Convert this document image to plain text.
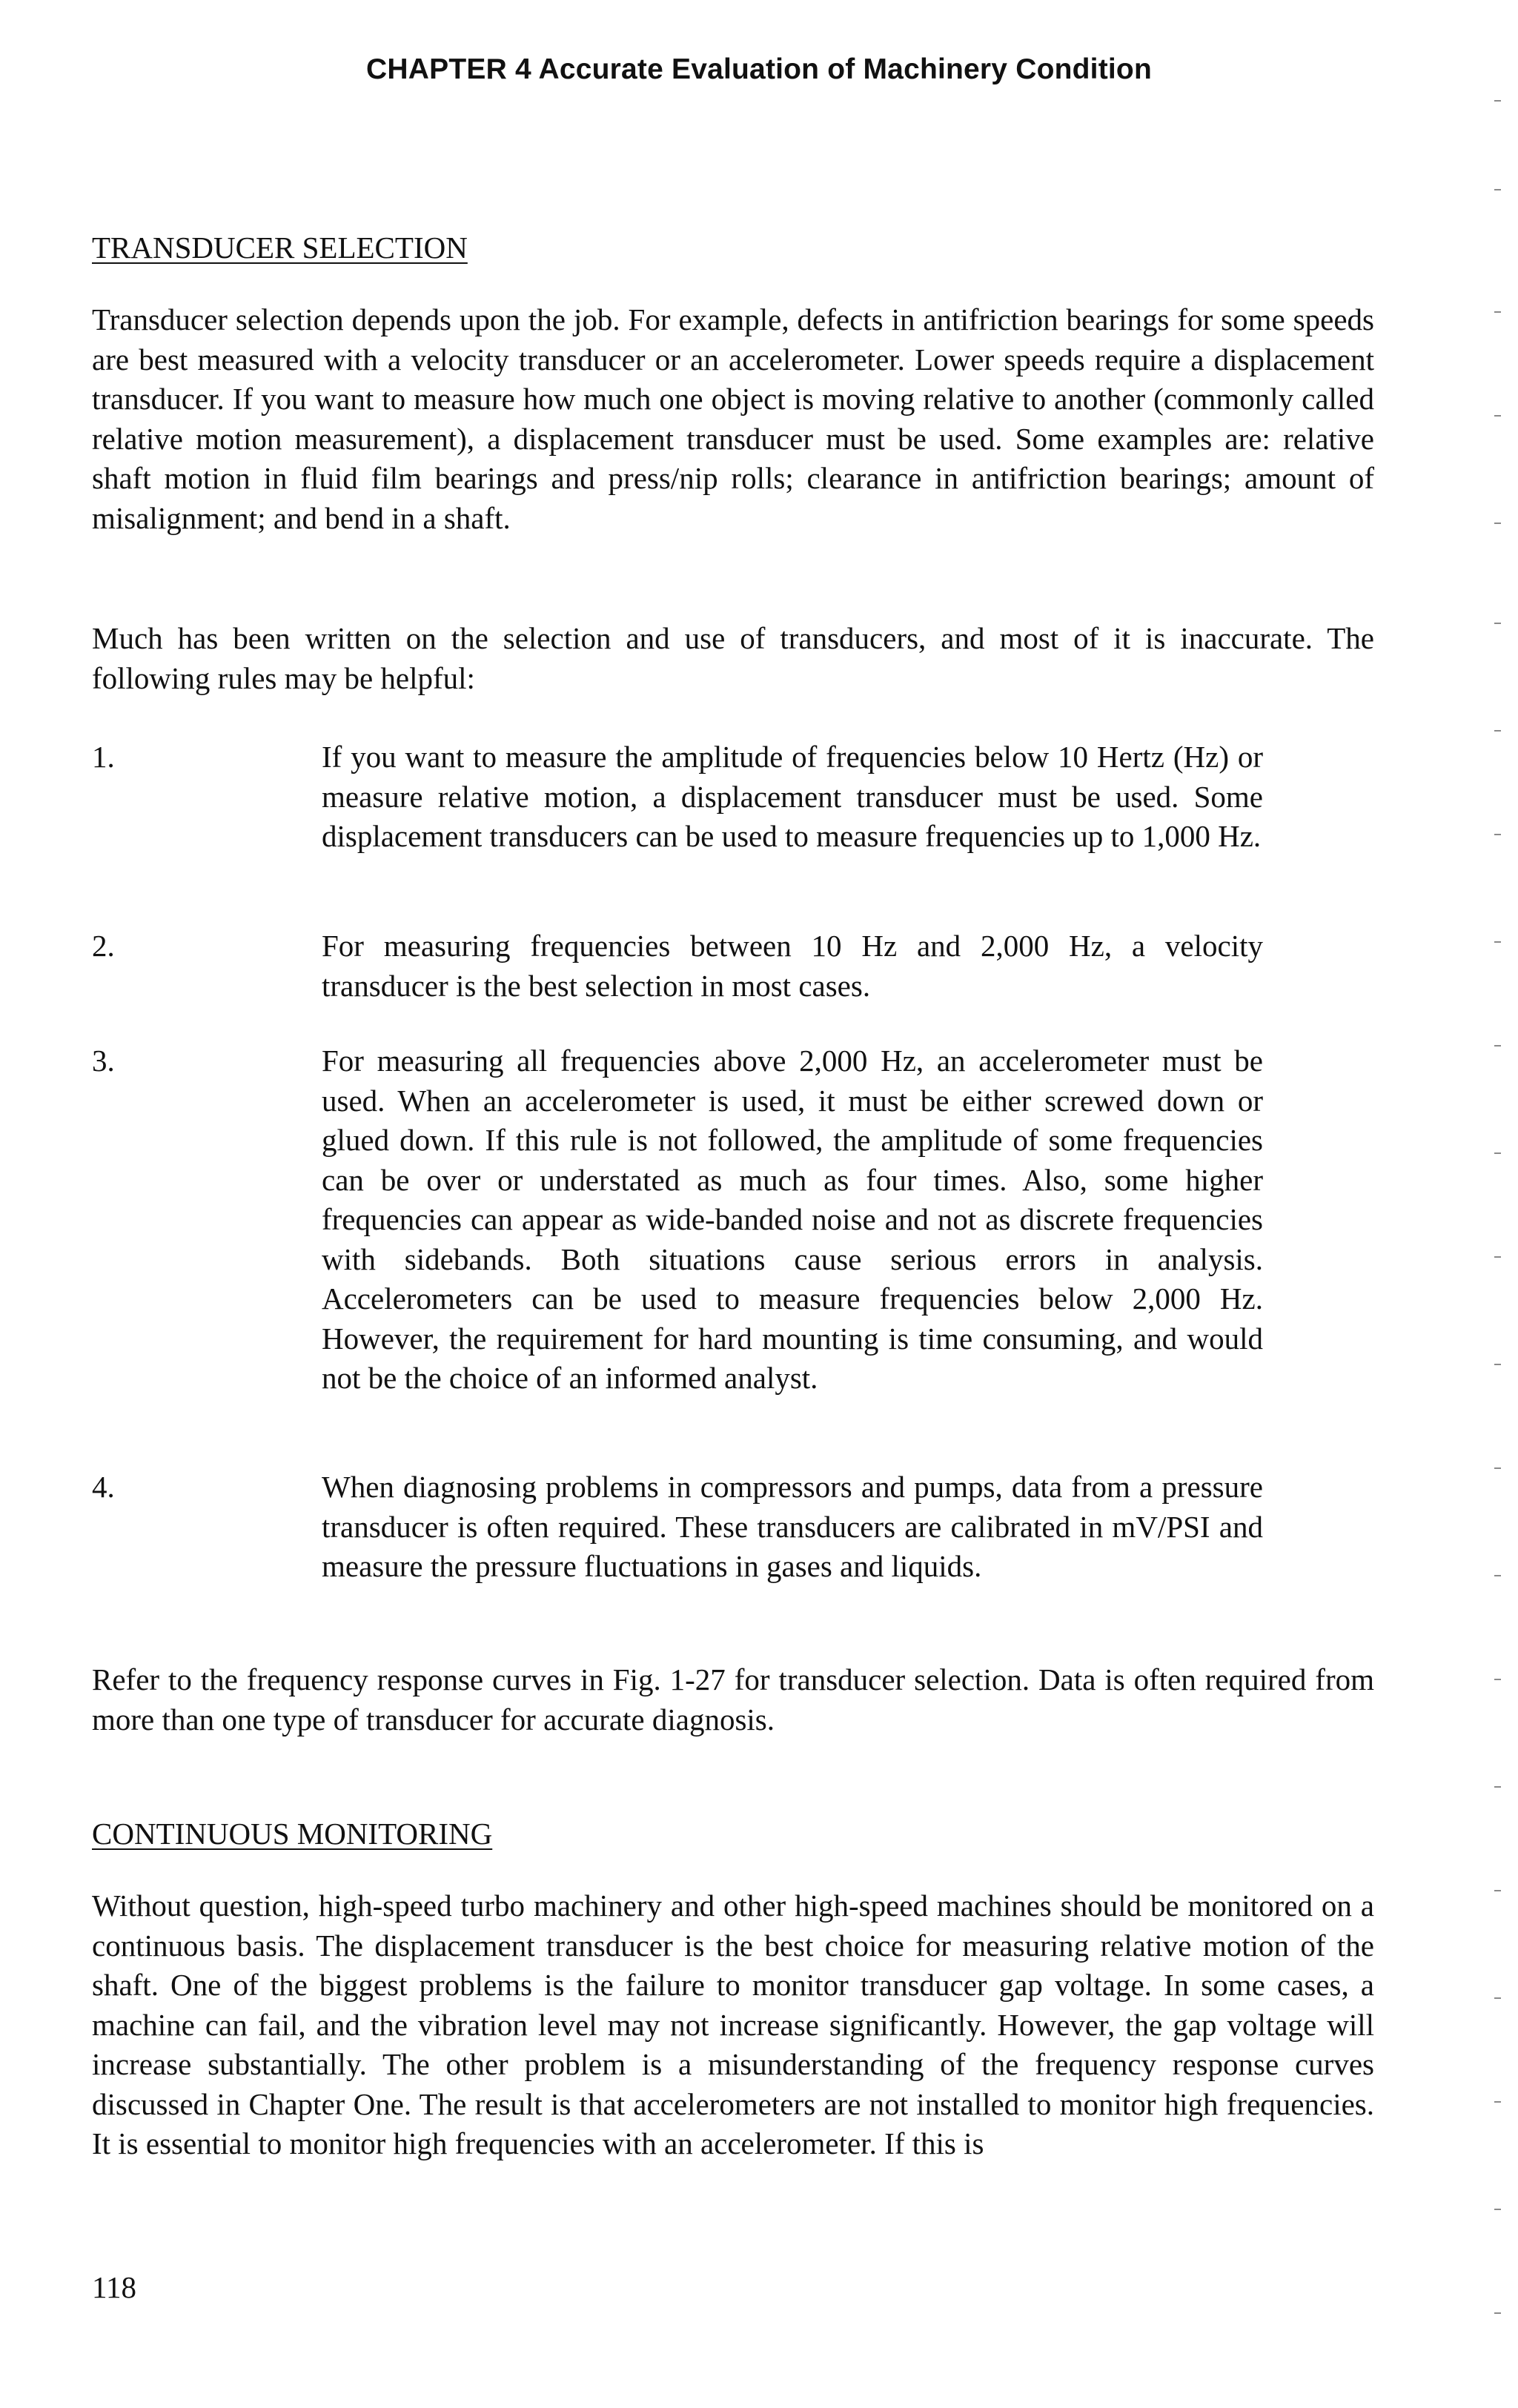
CHAPTER 4 Accurate Evaluation of Machinery Condition
TRANSDUCER SELECTION

Transducer selection depends upon the job. For example, defects in antifriction bearings for some speeds are best measured with a velocity transducer or an accelerometer. Lower speeds require a displacement transducer. If you want to measure how much one object is moving relative to another (commonly called relative motion measurement), a displacement transducer must be used. Some examples are: relative shaft motion in fluid film bearings and press/nip rolls; clearance in antifriction bearings; amount of misalignment; and bend in a shaft.

Much has been written on the selection and use of transducers, and most of it is inaccurate. The following rules may be helpful:

1.	If you want to measure the amplitude of frequencies below 10 Hertz (Hz) or measure relative motion, a displacement transducer must be used. Some displacement transducers can be used to measure frequencies up to 1,000 Hz.

2.	For measuring frequencies between 10 Hz and 2,000 Hz, a velocity transducer is the best selection in most cases.

3.	For measuring all frequencies above 2,000 Hz, an accelerometer must be used. When an accelerometer is used, it must be either screwed down or glued down. If this rule is not followed, the amplitude of some frequencies can be over or understated as much as four times. Also, some higher frequencies can appear as wide-banded noise and not as discrete frequencies with sidebands. Both situations cause serious errors in analysis. Accelerometers can be used to measure frequencies below 2,000 Hz. However, the requirement for hard mounting is time consuming, and would not be the choice of an informed analyst.

4.	When diagnosing problems in compressors and pumps, data from a pressure transducer is often required. These transducers are calibrated in mV/PSI and measure the pressure fluctuations in gases and liquids.

Refer to the frequency response curves in Fig. 1-27 for transducer selection. Data is often required from more than one type of transducer for accurate diagnosis.

CONTINUOUS MONITORING

Without question, high-speed turbo machinery and other high-speed machines should be monitored on a continuous basis. The displacement transducer is the best choice for measuring relative motion of the shaft. One of the biggest problems is the failure to monitor transducer gap voltage. In some cases, a machine can fail, and the vibration level may not increase significantly. However, the gap voltage will increase substantially. The other problem is a misunderstanding of the frequency response curves discussed in Chapter One. The result is that accelerometers are not installed to monitor high frequencies. It is essential to monitor high frequencies with an accelerometer. If this is

118
